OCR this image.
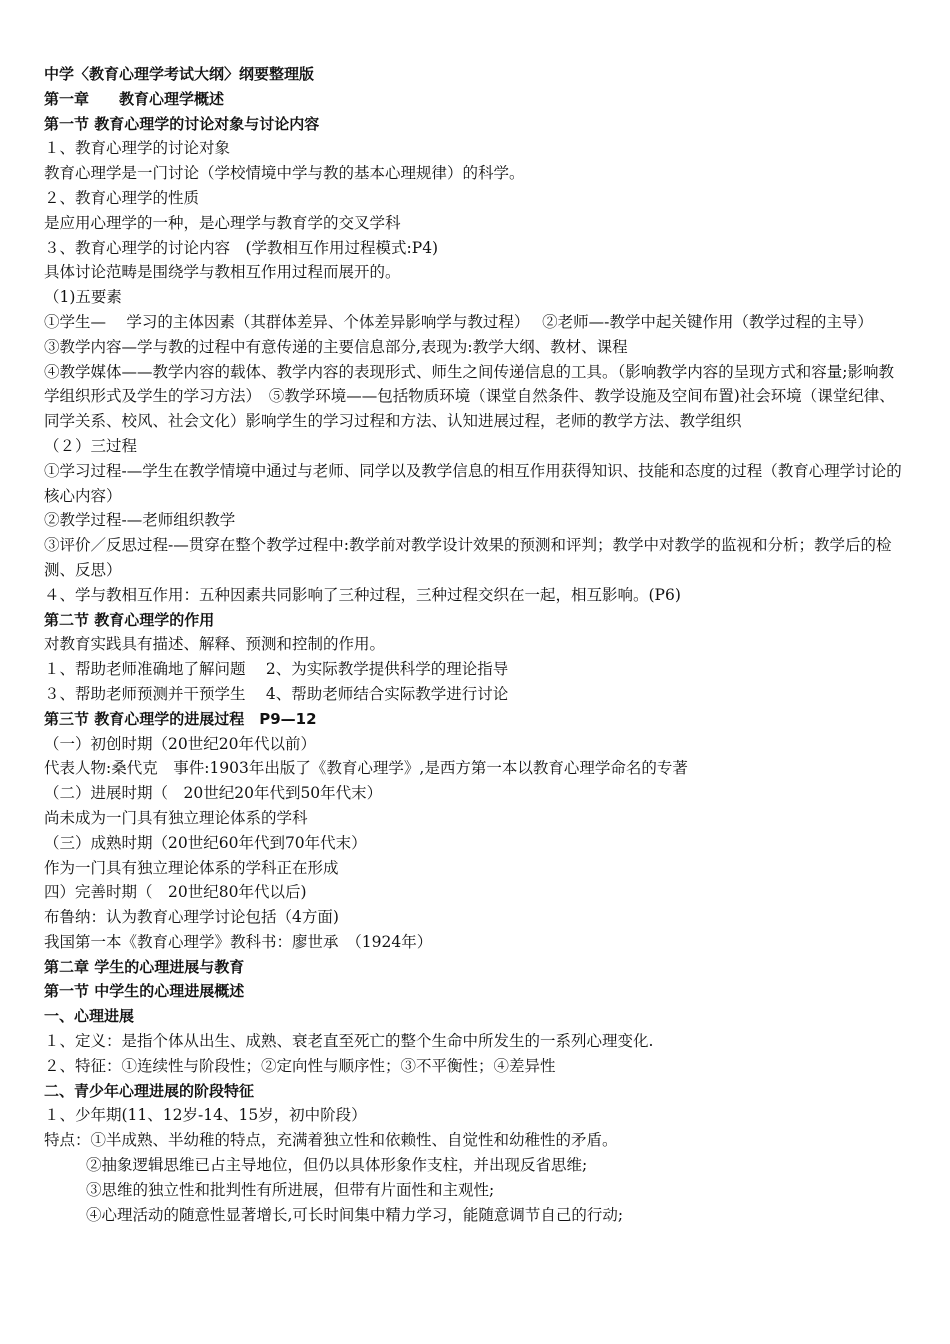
中学〈教育心理学考试大纲〉纲要整理版

第一章　　教育心理学概述

第一节 教育心理学的讨论对象与讨论内容

１、教育心理学的讨论对象

教育心理学是一门讨论（学校情境中学与教的基本心理规律）的科学。

２、教育心理学的性质

是应用心理学的一种，是心理学与教育学的交叉学科

３、教育心理学的讨论内容　(学教相互作用过程模式:P4)

具体讨论范畴是围绕学与教相互作用过程而展开的。

（1)五要素

①学生—　 学习的主体因素（其群体差异、个体差异影响学与教过程）　 ②老师—-教学中起关键作用（教学过程的主导）

③教学内容—学与教的过程中有意传递的主要信息部分,表现为:教学大纲、教材、课程

④教学媒体——教学内容的载体、教学内容的表现形式、师生之间传递信息的工具。（影响教学内容的呈现方式和容量;影响教学组织形式及学生的学习方法）　⑤教学环境——包括物质环境（课堂自然条件、教学设施及空间布置)社会环境（课堂纪律、同学关系、校风、社会文化）影响学生的学习过程和方法、认知进展过程，老师的教学方法、教学组织

（２）三过程

①学习过程-—学生在教学情境中通过与老师、同学以及教学信息的相互作用获得知识、技能和态度的过程（教育心理学讨论的核心内容）

②教学过程-—老师组织教学

③评价／反思过程-—贯穿在整个教学过程中:教学前对教学设计效果的预测和评判；教学中对教学的监视和分析；教学后的检测、反思）

４、学与教相互作用：五种因素共同影响了三种过程，三种过程交织在一起，相互影响。(P6)

第二节 教育心理学的作用

对教育实践具有描述、解释、预测和控制的作用。

１、帮助老师准确地了解问题　 2、为实际教学提供科学的理论指导

３、帮助老师预测并干预学生　 4、帮助老师结合实际教学进行讨论

第三节 教育心理学的进展过程　P9—12

（一）初创时期（20世纪20年代以前）

代表人物:桑代克　事件:1903年出版了《教育心理学》,是西方第一本以教育心理学命名的专著

（二）进展时期（　20世纪20年代到50年代末）

尚未成为一门具有独立理论体系的学科

（三）成熟时期（20世纪60年代到70年代末）

作为一门具有独立理论体系的学科正在形成

四）完善时期（　20世纪80年代以后)

布鲁纳：认为教育心理学讨论包括（4方面)

我国第一本《教育心理学》教科书：廖世承　（1924年）

第二章 学生的心理进展与教育

第一节 中学生的心理进展概述

一、心理进展

１、定义：是指个体从出生、成熟、衰老直至死亡的整个生命中所发生的一系列心理变化.

２、特征：①连续性与阶段性；②定向性与顺序性；③不平衡性；④差异性

二、青少年心理进展的阶段特征

１、少年期(11、12岁-14、15岁，初中阶段）

特点：①半成熟、半幼稚的特点，充满着独立性和依赖性、自觉性和幼稚性的矛盾。

②抽象逻辑思维已占主导地位，但仍以具体形象作支柱，并出现反省思维;

③思维的独立性和批判性有所进展，但带有片面性和主观性;

④心理活动的随意性显著增长,可长时间集中精力学习，能随意调节自己的行动;
